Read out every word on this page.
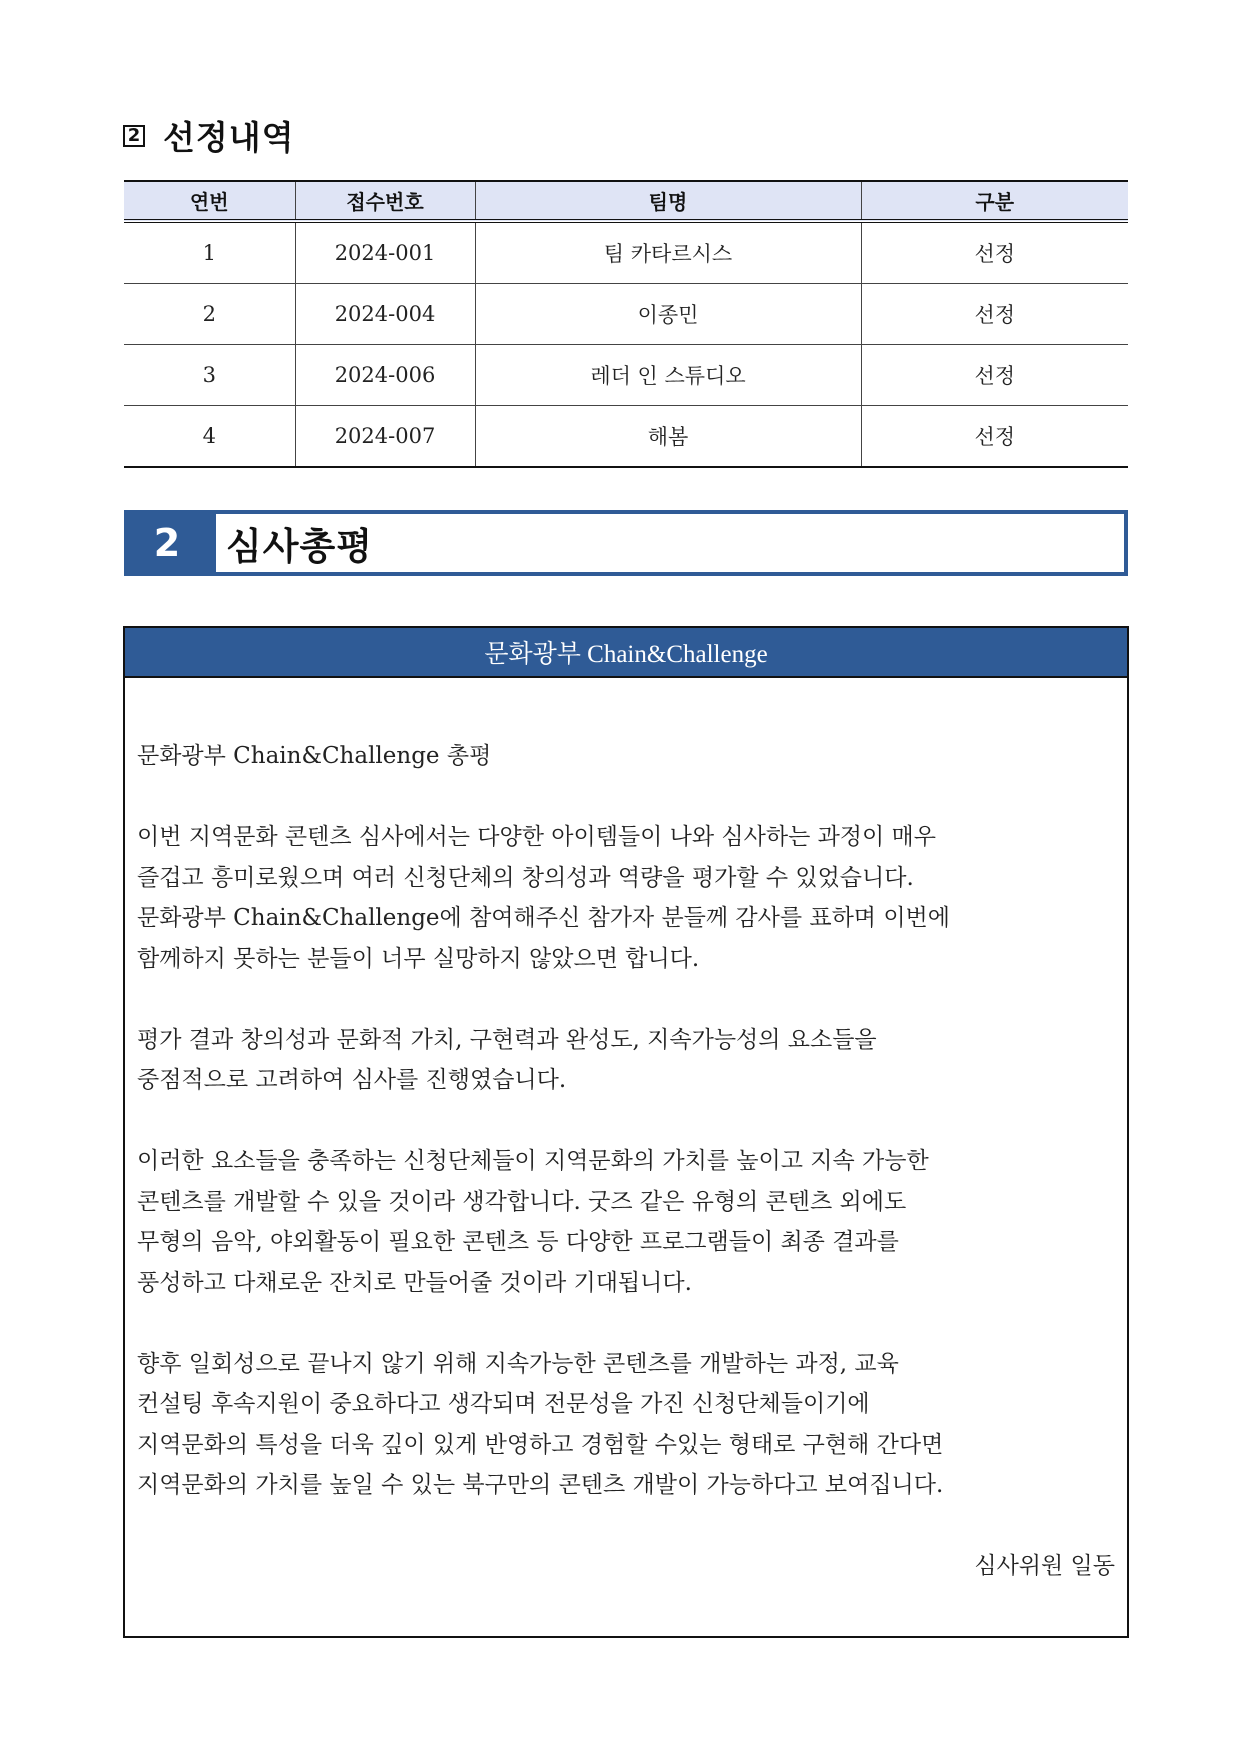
2 선정내역
연번	접수번호	팀명	구분
1	2024-001	팀 카타르시스	선정
2	2024-004	이종민	선정
3	2024-006	레더 인 스튜디오	선정
4	2024-007	해봄	선정
2	심사총평
문화광부 Chain&Challenge

문화광부 Chain&Challenge 총평

이번 지역문화 콘텐츠 심사에서는 다양한 아이템들이 나와 심사하는 과정이 매우
즐겁고 흥미로웠으며 여러 신청단체의 창의성과 역량을 평가할 수 있었습니다.
문화광부 Chain&Challenge에 참여해주신 참가자 분들께 감사를 표하며 이번에
함께하지 못하는 분들이 너무 실망하지 않았으면 합니다.

평가 결과 창의성과 문화적 가치, 구현력과 완성도, 지속가능성의 요소들을
중점적으로 고려하여 심사를 진행였습니다.

이러한 요소들을 충족하는 신청단체들이 지역문화의 가치를 높이고 지속 가능한
콘텐츠를 개발할 수 있을 것이라 생각합니다. 굿즈 같은 유형의 콘텐츠 외에도
무형의 음악, 야외활동이 필요한 콘텐츠 등 다양한 프로그램들이 최종 결과를
풍성하고 다채로운 잔치로 만들어줄 것이라 기대됩니다.

향후 일회성으로 끝나지 않기 위해 지속가능한 콘텐츠를 개발하는 과정, 교육
컨설팅 후속지원이 중요하다고 생각되며 전문성을 가진 신청단체들이기에
지역문화의 특성을 더욱 깊이 있게 반영하고 경험할 수있는 형태로 구현해 간다면
지역문화의 가치를 높일 수 있는 북구만의 콘텐츠 개발이 가능하다고 보여집니다.

심사위원 일동
